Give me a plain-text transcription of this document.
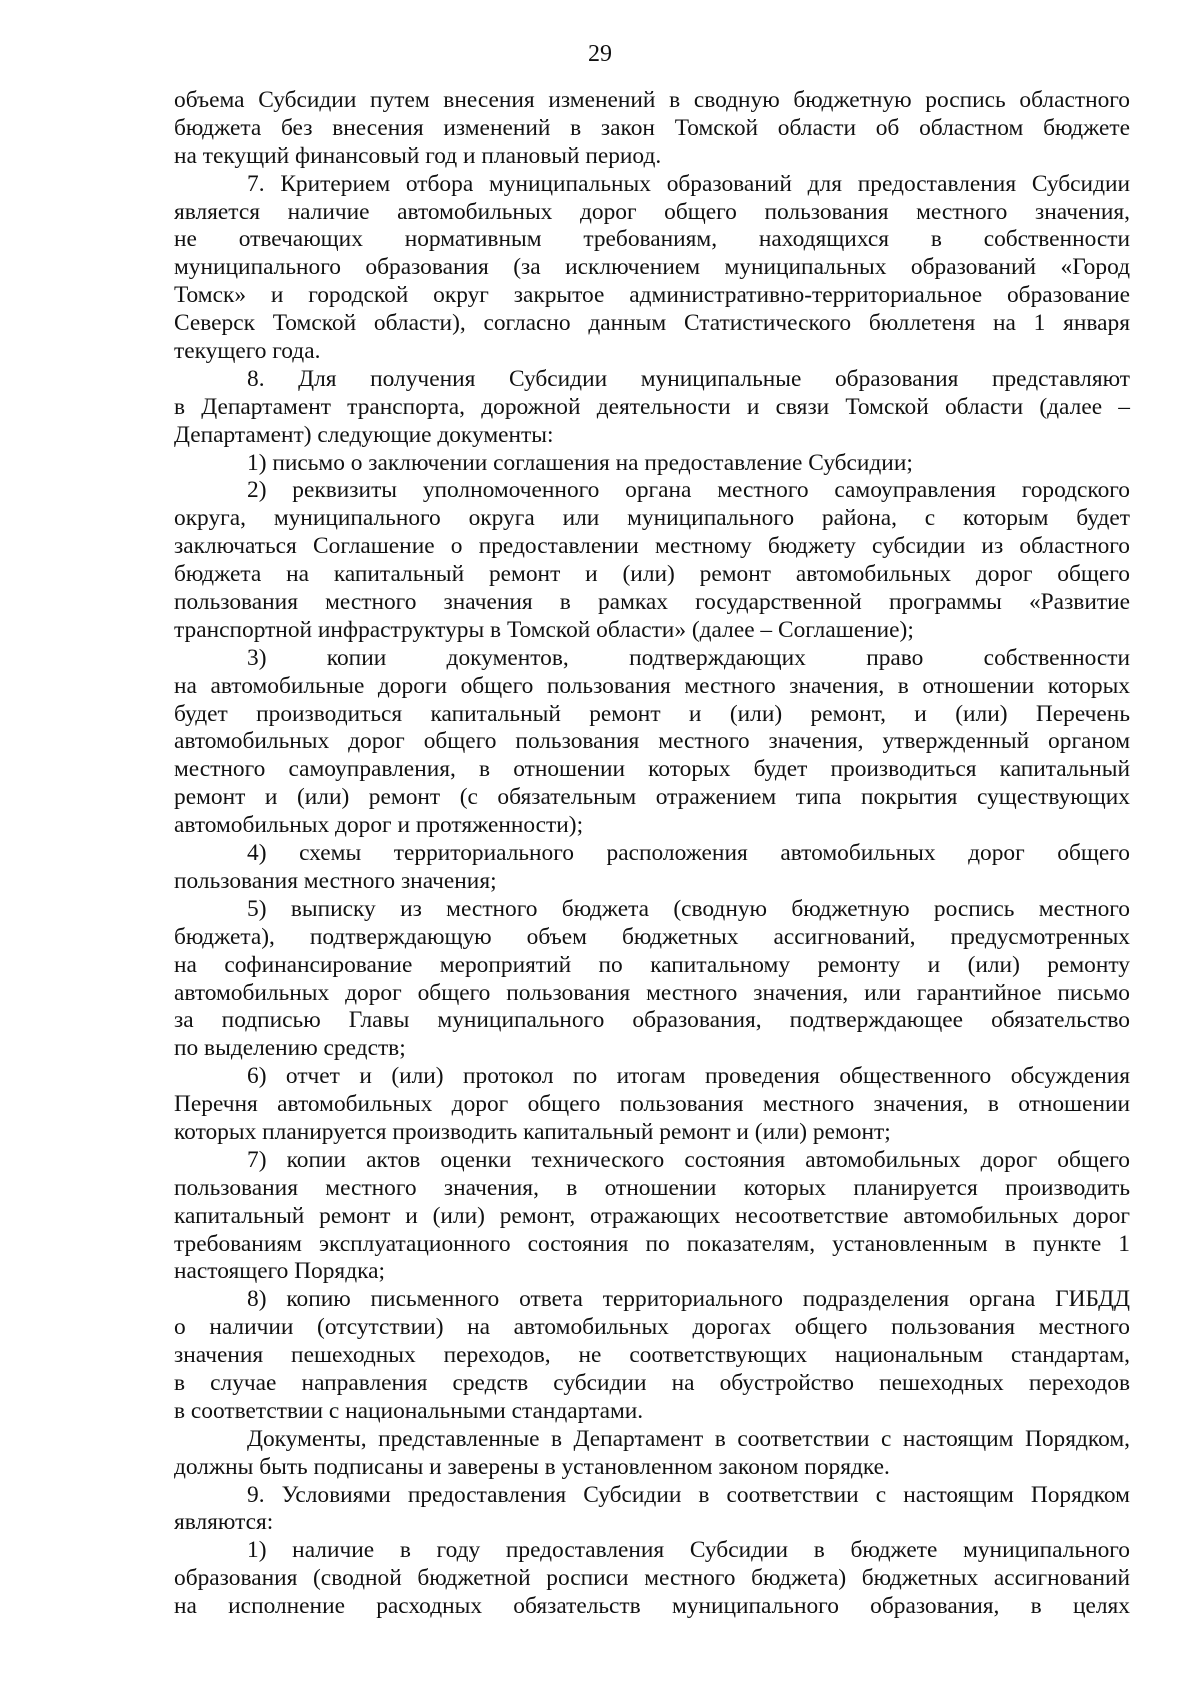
29

объема Субсидии путем внесения изменений в сводную бюджетную роспись областного
бюджета без внесения изменений в закон Томской области об областном бюджете
на текущий финансовый год и плановый период.

7. Критерием отбора муниципальных образований для предоставления Субсидии
является наличие автомобильных дорог общего пользования местного значения,
не отвечающих нормативным требованиям, находящихся в собственности
муниципального образования (за исключением муниципальных образований «Город
Томск» и городской округ закрытое административно-территориальное образование
Северск Томской области), согласно данным Статистического бюллетеня на 1 января
текущего года.

8. Для получения Субсидии муниципальные образования представляют
в Департамент транспорта, дорожной деятельности и связи Томской области (далее –
Департамент) следующие документы:

1) письмо о заключении соглашения на предоставление Субсидии;

2) реквизиты уполномоченного органа местного самоуправления городского
округа, муниципального округа или муниципального района, с которым будет
заключаться Соглашение о предоставлении местному бюджету субсидии из областного
бюджета на капитальный ремонт и (или) ремонт автомобильных дорог общего
пользования местного значения в рамках государственной программы «Развитие
транспортной инфраструктуры в Томской области» (далее – Соглашение);

3) копии документов, подтверждающих право собственности
на автомобильные дороги общего пользования местного значения, в отношении которых
будет производиться капитальный ремонт и (или) ремонт, и (или) Перечень
автомобильных дорог общего пользования местного значения, утвержденный органом
местного самоуправления, в отношении которых будет производиться капитальный
ремонт и (или) ремонт (с обязательным отражением типа покрытия существующих
автомобильных дорог и протяженности);

4) схемы территориального расположения автомобильных дорог общего
пользования местного значения;

5) выписку из местного бюджета (сводную бюджетную роспись местного
бюджета), подтверждающую объем бюджетных ассигнований, предусмотренных
на софинансирование мероприятий по капитальному ремонту и (или) ремонту
автомобильных дорог общего пользования местного значения, или гарантийное письмо
за подписью Главы муниципального образования, подтверждающее обязательство
по выделению средств;

6) отчет и (или) протокол по итогам проведения общественного обсуждения
Перечня автомобильных дорог общего пользования местного значения, в отношении
которых планируется производить капитальный ремонт и (или) ремонт;

7) копии актов оценки технического состояния автомобильных дорог общего
пользования местного значения, в отношении которых планируется производить
капитальный ремонт и (или) ремонт, отражающих несоответствие автомобильных дорог
требованиям эксплуатационного состояния по показателям, установленным в пункте 1
настоящего Порядка;

8) копию письменного ответа территориального подразделения органа ГИБДД
о наличии (отсутствии) на автомобильных дорогах общего пользования местного
значения пешеходных переходов, не соответствующих национальным стандартам,
в случае направления средств субсидии на обустройство пешеходных переходов
в соответствии с национальными стандартами.

Документы, представленные в Департамент в соответствии с настоящим Порядком,
должны быть подписаны и заверены в установленном законом порядке.

9. Условиями предоставления Субсидии в соответствии с настоящим Порядком
являются:

1) наличие в году предоставления Субсидии в бюджете муниципального
образования (сводной бюджетной росписи местного бюджета) бюджетных ассигнований
на исполнение расходных обязательств муниципального образования, в целях
